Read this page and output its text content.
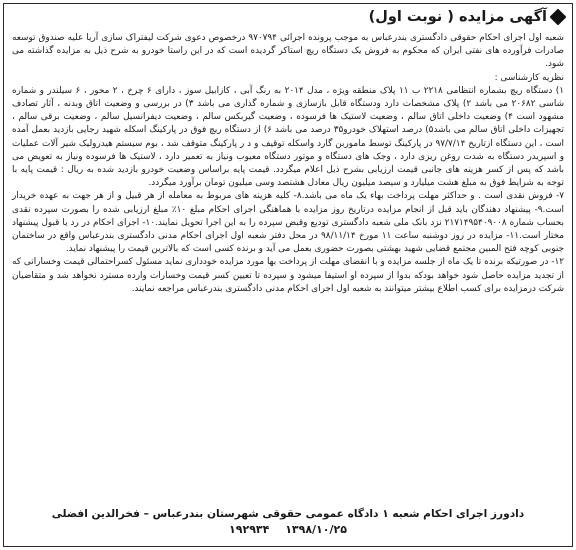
آگهی مزایده ( نوبت اول)

شعبه اول اجرای احکام حقوقی دادگستری بندرعباس به موجب پرونده اجرائی ۹۷۰۷۹۴ درخصوص دعوی شرکت لیفتراک سازی آریا علیه صندوق توسعه صادرات فرآورده های نفتی ایران که محکوم به فروش یک دستگاه ریچ استاکر گردیده است که در این راستا خودرو به شرح ذیل به مزایده گذاشته می شود.

نظریه کارشناسی :

۱) دستگاه ریچ بشماره انتظامی ۲۲۱۸ ب ۱۱ پلاک منطقه ویژه ، مدل ۲۰۱۴ به رنگ آبی ، کازابیل سوز ، دارای ۶ چرخ ، ۲ محور ، ۶ سیلندر و شماره شاسی ۲۰۶۸۲ می باشد ۲) پلاک مشخصات دارد ودستگاه قابل بازسازی و شماره گذاری می باشد ۳) در بررسی و وضعیت اتاق وبدنه ، آثار تصادف مشهود است ۴) وضعیت داخلی اتاق سالم ، وضعیت لاستیک ها فرسوده ، وضعیت گیربکس سالم ، وضعیت دیفرانسیل سالم ، وضعیت برقی سالم ، تجهیزات داخلی اتاق سالم می باشد۵) درصد استهلاک خودرو۳۵ درصد می باشد ۶) از دستگاه ریچ فوق در پارکینگ اسکله شهید رجایی بازدید بعمل آمده است ، این دستگاه ازتاریخ ۹۷/۷/۱۴ در پارکینگ توسط ماموربن گارد واسکله توقیف و د ر پارکینگ متوقف شد ، بوم سیستم هیدرولیک شیر آلات عملیات و اسپریدر دستگاه به شدت روغن ریزی دارد ، وجک های دستگاه و موتور دستگاه معیوب ونیاز به تعمیر دارد ، لاستیک ها فرسوده ونیاز به تعویض می باشد که پس از کسر هزینه های جانبی قیمت ارزیابی بشرح ذیل اعلام میگردد. قیمت پایه براساس وضعیت خودرو بازدید شده به ریال : قیمت پایه با توجه به شرایط فوق به مبلغ هشت میلیارد و سیصد میلیون ریال معادل هشتصد وسی میلیون تومان برآورد میگردد.

۷- فروش نقدی است . و حداکثر مهلت پرداخت بهاء یک ماه می باشد.۸- کلیه هزینه های مربوط به معامله از هر قبیل و از هر جهت به عهده خریدار است.۹- پیشنهاد دهندگان باید قبل از انجام مزایده درتاریخ روز مزایده با هماهنگی اجرای احکام مبلغ ۱۰٪ مبلغ ارزیابی شده را بصورت سپرده نقدی بحساب شماره ۲۱۷۱۴۹۵۴۰۹۰۰۸ نزد بانک ملی شعبه دادگستری تودیع وقبض سپرده را به این اجرا تحویل نمایند.۱۰- اجرای احکام در رد یا قبول پیشنهاد مختار است.۱۱- مزایده در روز دوشنبه ساعت ۱۱ مورخ ۹۸/۱۱/۱۴ در محل دفتر شعبه اول اجرای احکام مدنی دادگستری بندرعباس واقع در ساختمان جنوبی کوچه فتح المبین مجتمع قضایی شهید بهشتی بصورت حضوری بعمل می آید و برنده کسی است که بالاترین قیمت را پیشنهاد نماید.

۱۲- در صورتیکه برنده تا یک ماه از جلسه مزایده و با انقضای مهلت از پرداخت بها مورد مزایده خودداری نماید مسئول کسراحتمالی قیمت وخساراتی که از تجدید مزایده حاصل شود خواهد بودکه بدوا از سپرده او استیفا میشود و سپرده تا تعیین کسر قیمت وخسارات وارده مسترد نخواهد شد و متقاضیان شرکت درمزایده برای کسب اطلاع بیشتر میتوانند به شعبه اول اجرای احکام مدنی دادگستری بندرعباس مراجعه نمایند.

دادورز اجرای احکام شعبه ۱ دادگاه عمومی حقوقی شهرستان بندرعباس – فخرالدین افضلی
۱۳۹۸/۱۰/۲۵ ۱۹۲۹۳۴
